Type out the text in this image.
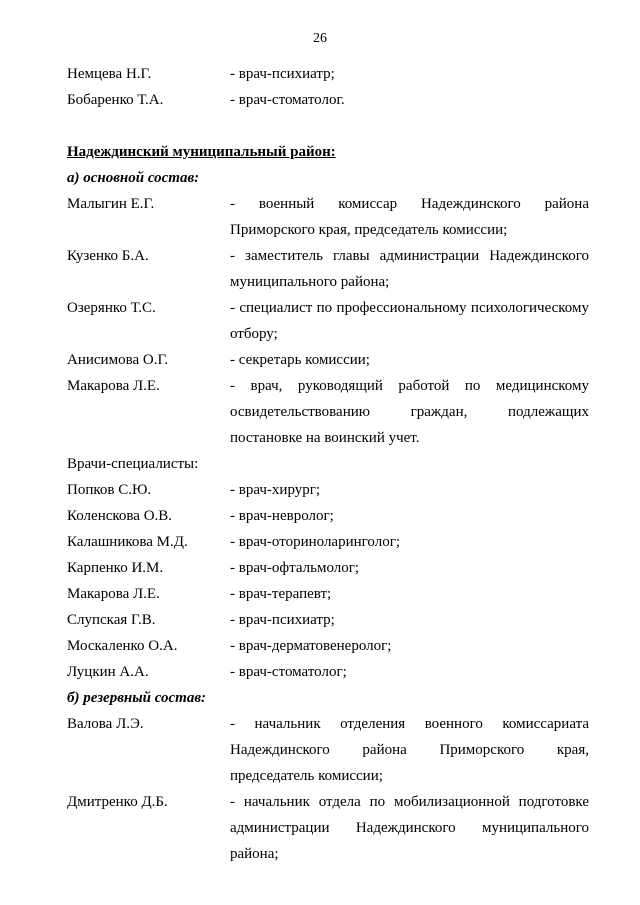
26
Немцева Н.Г.	- врач-психиатр;
Бобаренко Т.А.	- врач-стоматолог.
Надеждинский муниципальный район:
а) основной состав:
Малыгин Е.Г.	- военный комиссар Надеждинского района Приморского края, председатель комиссии;
Кузенко Б.А.	- заместитель главы администрации Надеждинского муниципального района;
Озерянко Т.С.	- специалист по профессиональному психологическому отбору;
Анисимова О.Г.	- секретарь комиссии;
Макарова Л.Е.	- врач, руководящий работой по медицинскому освидетельствованию граждан, подлежащих постановке на воинский учет.
Врачи-специалисты:
Попков С.Ю.	- врач-хирург;
Коленскова О.В.	- врач-невролог;
Калашникова М.Д.	- врач-оториноларинголог;
Карпенко И.М.	- врач-офтальмолог;
Макарова Л.Е.	- врач-терапевт;
Слупская Г.В.	- врач-психиатр;
Москаленко О.А.	- врач-дерматовенеролог;
Луцкин А.А.	- врач-стоматолог;
б) резервный состав:
Валова Л.Э.	- начальник отделения военного комиссариата Надеждинского района Приморского края, председатель комиссии;
Дмитренко Д.Б.	- начальник отдела по мобилизационной подготовке администрации Надеждинского муниципального района;
